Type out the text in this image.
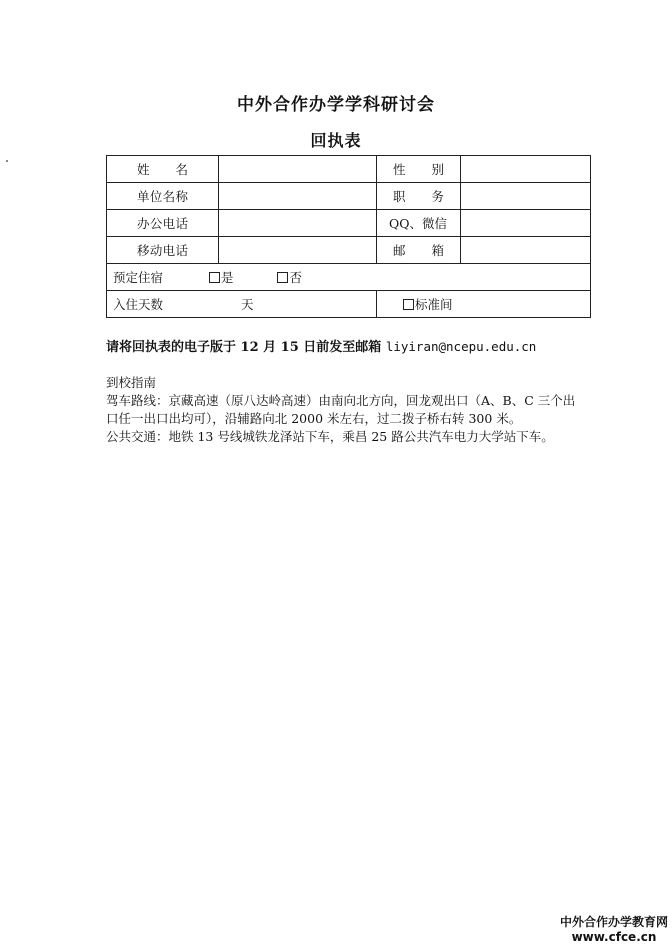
中外合作办学学科研讨会
回执表
姓　　名		性　　别	
单位名称		职　　务	
办公电话		QQ、微信	
移动电话		邮　　箱	
预定住宿 是 否			
入住天数 天		标准间	
请将回执表的电子版于 12 月 15 日前发至邮箱 liyiran@ncepu.edu.cn
到校指南
驾车路线：京藏高速（原八达岭高速）由南向北方向，回龙观出口（A、B、C 三个出口任一出口出均可），沿辅路向北 2000 米左右，过二拨子桥右转 300 米。
公共交通：地铁 13 号线城铁龙泽站下车，乘昌 25 路公共汽车电力大学站下车。
中外合作办学教育网
www.cfce.cn
